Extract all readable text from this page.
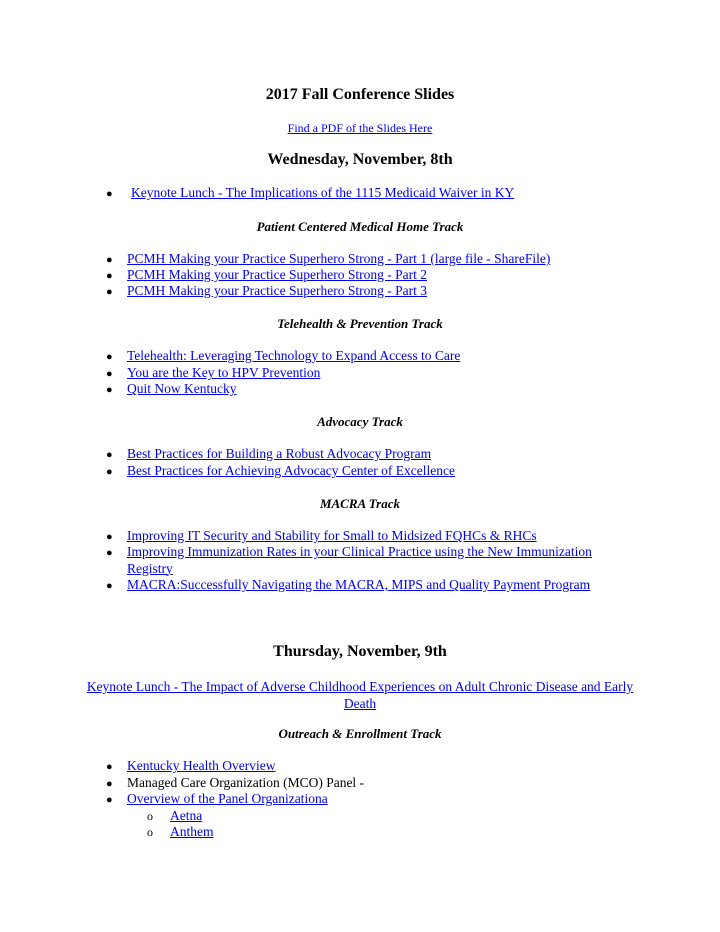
2017 Fall Conference Slides
Find a PDF of the Slides Here
Wednesday, November, 8th
● Keynote Lunch - The Implications of the 1115 Medicaid Waiver in KY
Patient Centered Medical Home Track
● PCMH Making your Practice Superhero Strong - Part 1 (large file - ShareFile)
● PCMH Making your Practice Superhero Strong - Part 2
● PCMH Making your Practice Superhero Strong - Part 3
Telehealth & Prevention Track
● Telehealth: Leveraging Technology to Expand Access to Care
● You are the Key to HPV Prevention
● Quit Now Kentucky
Advocacy Track
● Best Practices for Building a Robust Advocacy Program
● Best Practices for Achieving Advocacy Center of Excellence
MACRA Track
● Improving IT Security and Stability for Small to Midsized FQHCs & RHCs
● Improving Immunization Rates in your Clinical Practice using the New Immunization Registry
● MACRA:Successfully Navigating the MACRA, MIPS and Quality Payment Program
Thursday, November, 9th
Keynote Lunch - The Impact of Adverse Childhood Experiences on Adult Chronic Disease and Early Death
Outreach & Enrollment Track
● Kentucky Health Overview
● Managed Care Organization (MCO) Panel -
● Overview of the Panel Organizationa
o Aetna
o Anthem
